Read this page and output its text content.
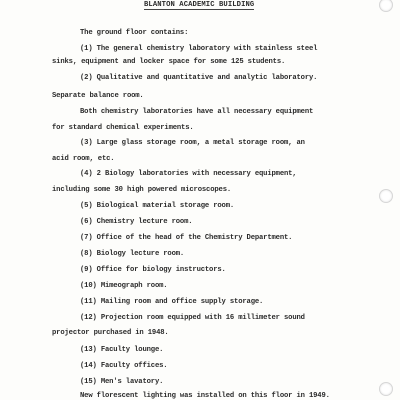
BLANTON ACADEMIC BUILDING
The ground floor contains:
(1) The general chemistry laboratory with stainless steel
sinks, equipment and locker space for some 125 students.
(2) Qualitative and quantitative and analytic laboratory.
Separate balance room.
Both chemistry laboratories have all necessary equipment
for standard chemical experiments.
(3) Large glass storage room, a metal storage room, an
acid room, etc.
(4) 2 Biology laboratories with necessary equipment,
including some 30 high powered microscopes.
(5) Biological material storage room.
(6) Chemistry lecture room.
(7) Office of the head of the Chemistry Department.
(8) Biology lecture room.
(9) Office for biology instructors.
(10) Mimeograph room.
(11) Mailing room and office supply storage.
(12) Projection room equipped with 16 millimeter sound
projector purchased in 1948.
(13) Faculty lounge.
(14) Faculty offices.
(15) Men's lavatory.
New florescent lighting was installed on this floor in 1949.
